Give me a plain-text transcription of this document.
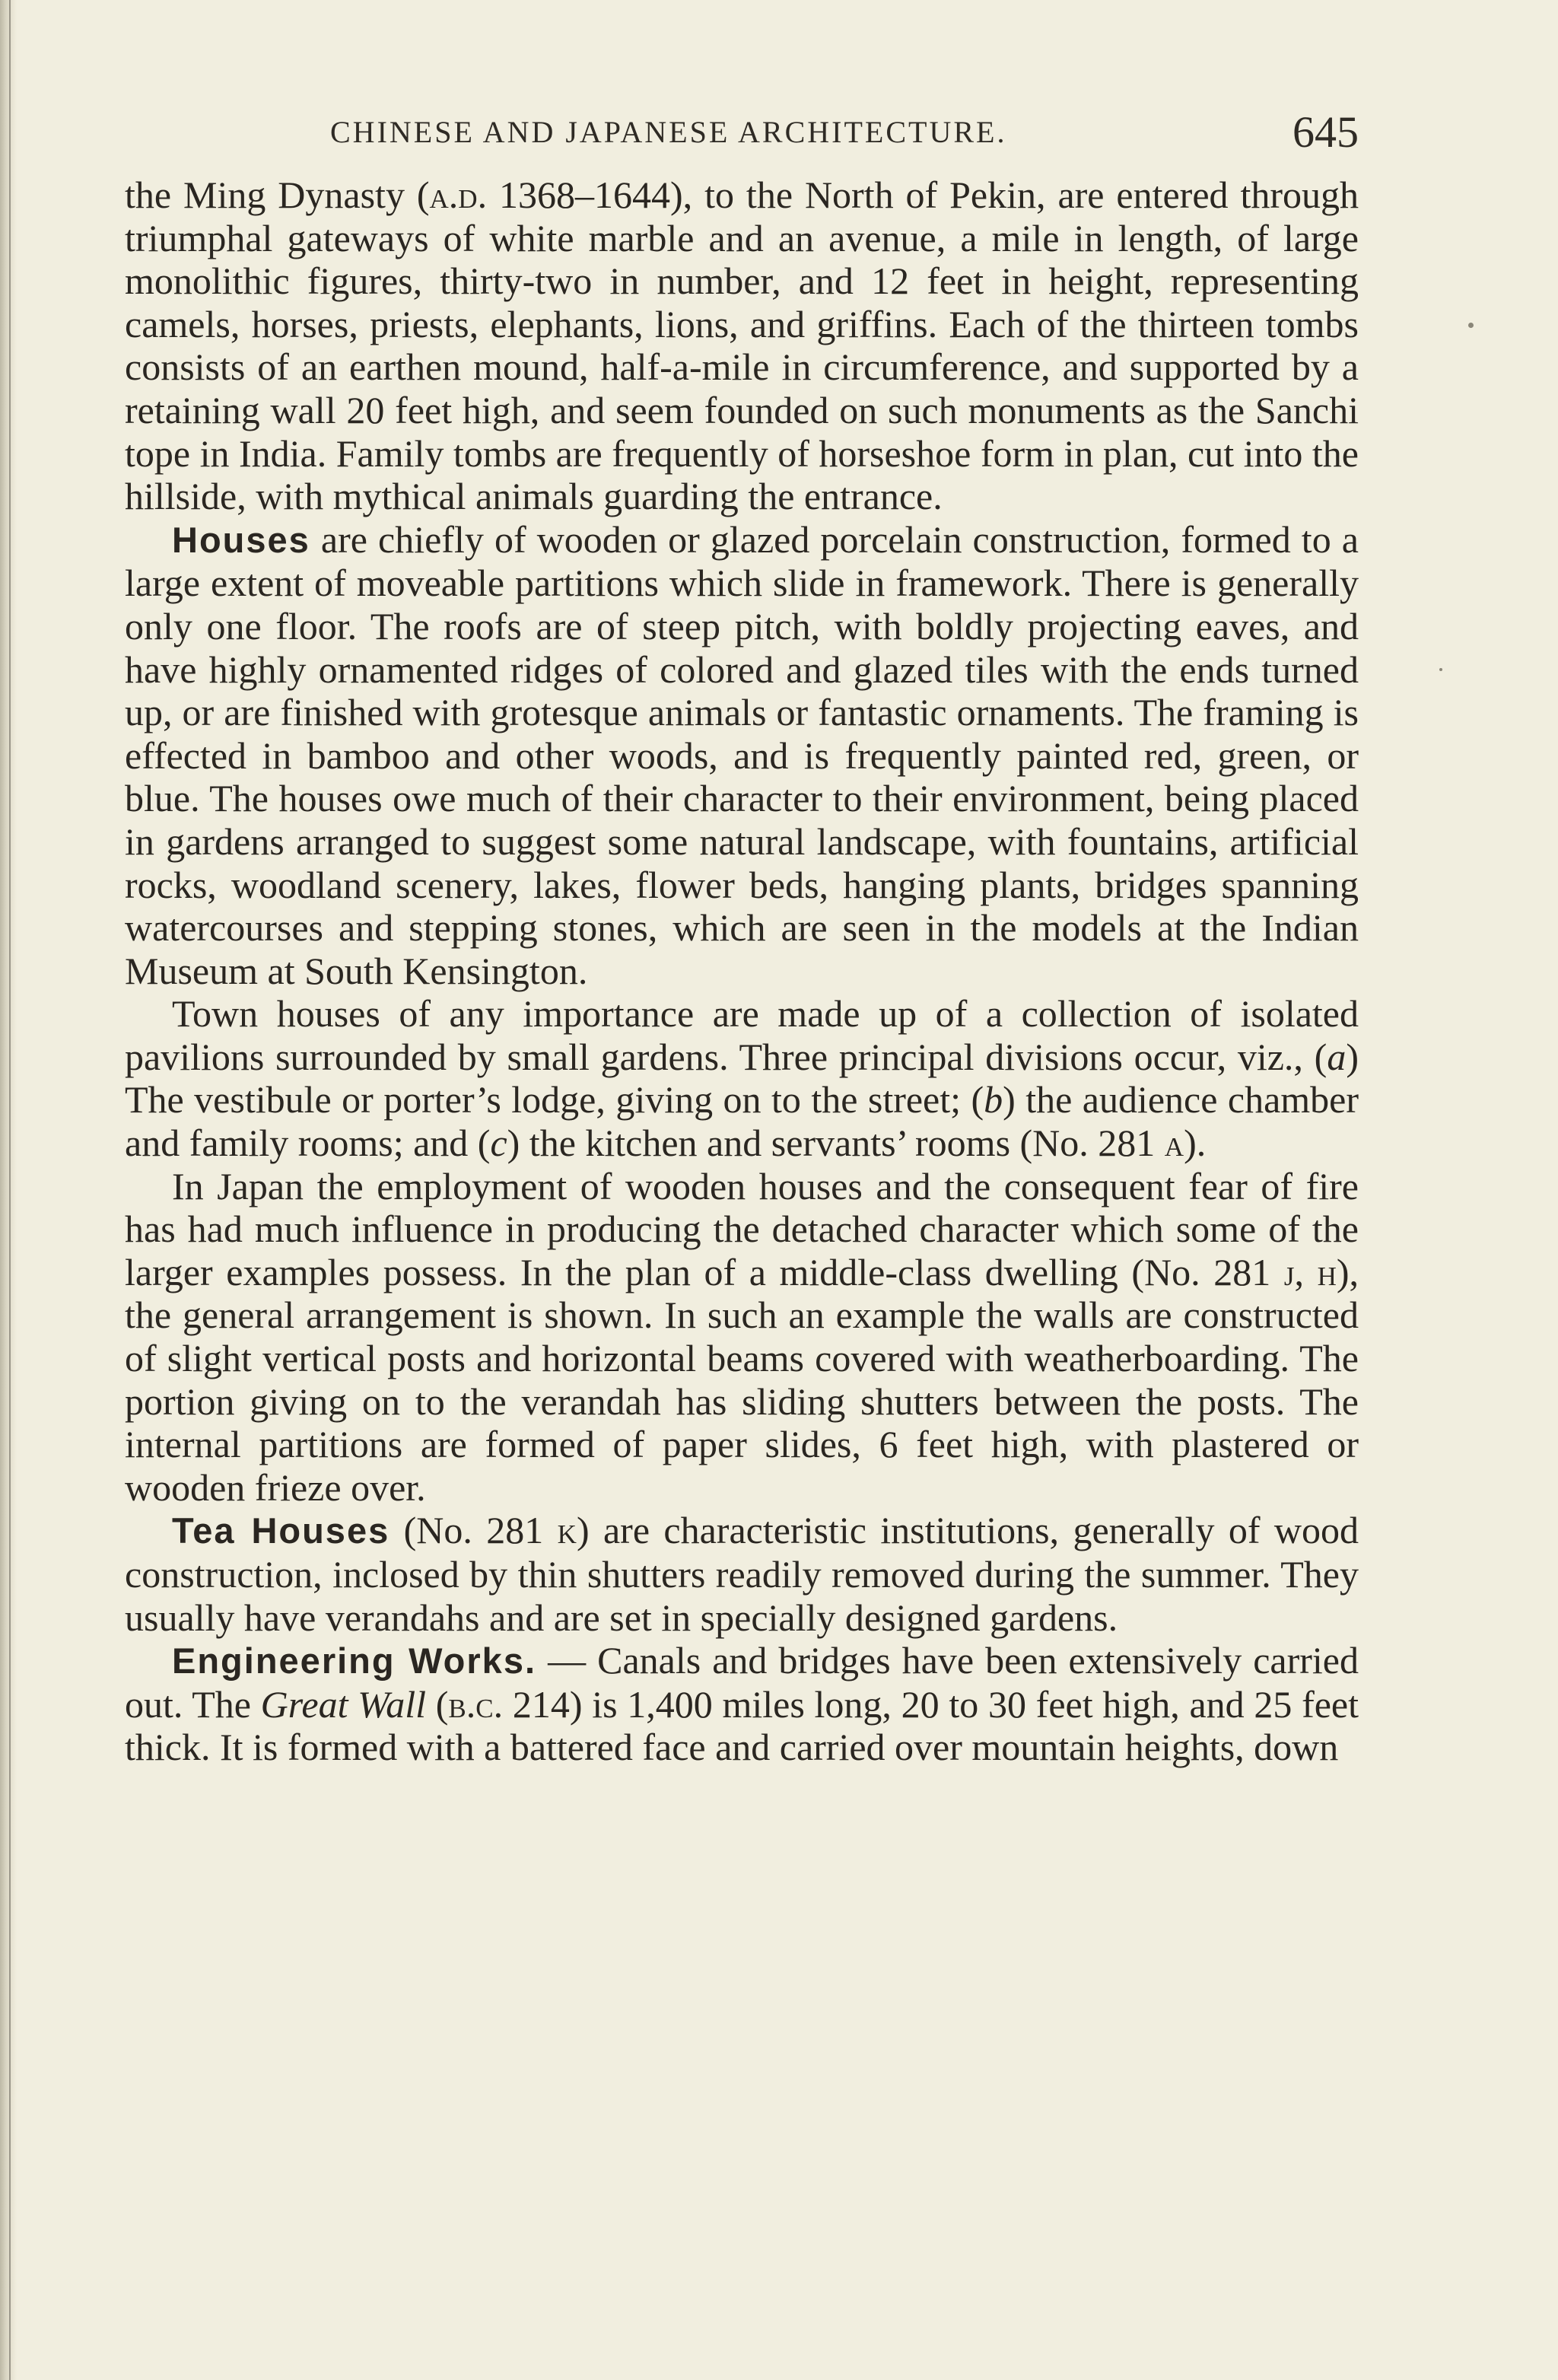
CHINESE AND JAPANESE ARCHITECTURE.	645

the Ming Dynasty (a.d. 1368–1644), to the North of Pekin, are entered through triumphal gateways of white marble and an avenue, a mile in length, of large monolithic figures, thirty-two in number, and 12 feet in height, representing camels, horses, priests, elephants, lions, and griffins. Each of the thirteen tombs consists of an earthen mound, half-a-mile in circumference, and supported by a retaining wall 20 feet high, and seem founded on such monuments as the Sanchi tope in India. Family tombs are frequently of horseshoe form in plan, cut into the hillside, with mythical animals guarding the entrance.

Houses are chiefly of wooden or glazed porcelain construction, formed to a large extent of moveable partitions which slide in framework. There is generally only one floor. The roofs are of steep pitch, with boldly projecting eaves, and have highly ornamented ridges of colored and glazed tiles with the ends turned up, or are finished with grotesque animals or fantastic ornaments. The framing is effected in bamboo and other woods, and is frequently painted red, green, or blue. The houses owe much of their character to their environment, being placed in gardens arranged to suggest some natural landscape, with fountains, artificial rocks, woodland scenery, lakes, flower beds, hanging plants, bridges spanning watercourses and stepping stones, which are seen in the models at the Indian Museum at South Kensington.

Town houses of any importance are made up of a collection of isolated pavilions surrounded by small gardens. Three principal divisions occur, viz., (a) The vestibule or porter’s lodge, giving on to the street; (b) the audience chamber and family rooms; and (c) the kitchen and servants’ rooms (No. 281 a).

In Japan the employment of wooden houses and the consequent fear of fire has had much influence in producing the detached character which some of the larger examples possess. In the plan of a middle-class dwelling (No. 281 j, h), the general arrangement is shown. In such an example the walls are constructed of slight vertical posts and horizontal beams covered with weatherboarding. The portion giving on to the verandah has sliding shutters between the posts. The internal partitions are formed of paper slides, 6 feet high, with plastered or wooden frieze over.

Tea Houses (No. 281 k) are characteristic institutions, generally of wood construction, inclosed by thin shutters readily removed during the summer. They usually have verandahs and are set in specially designed gardens.

Engineering Works. — Canals and bridges have been extensively carried out. The Great Wall (b.c. 214) is 1,400 miles long, 20 to 30 feet high, and 25 feet thick. It is formed with a battered face and carried over mountain heights, down
